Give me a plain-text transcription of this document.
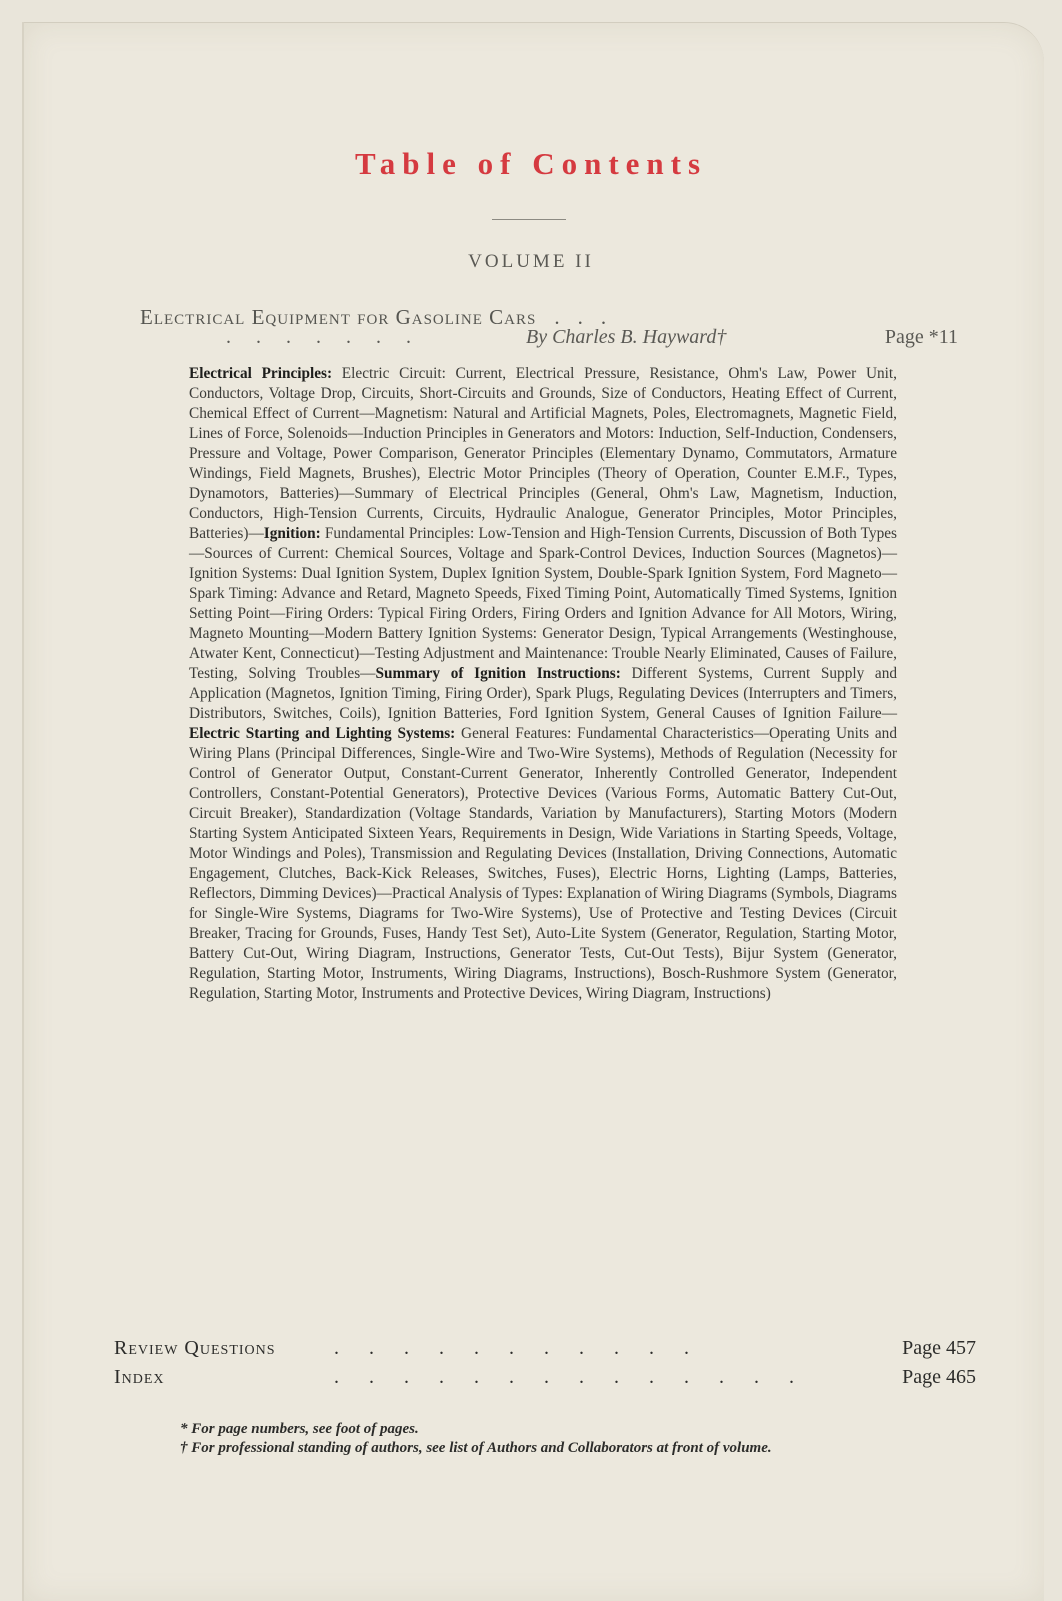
Table of Contents
VOLUME II
Electrical Equipment for Gasoline Cars ...
.......	By Charles B. Hayward†	Page *11
Electrical Principles: Electric Circuit: Current, Electrical Pressure, Resistance, Ohm's Law, Power Unit, Conductors, Voltage Drop, Circuits, Short-Circuits and Grounds, Size of Conductors, Heating Effect of Current, Chemical Effect of Current—Magnetism: Natural and Artificial Magnets, Poles, Electromagnets, Magnetic Field, Lines of Force, Solenoids—Induction Principles in Generators and Motors: Induction, Self-Induction, Condensers, Pressure and Voltage, Power Comparison, Generator Principles (Elementary Dynamo, Commutators, Armature Windings, Field Magnets, Brushes), Electric Motor Principles (Theory of Operation, Counter E.M.F., Types, Dynamotors, Batteries)—Summary of Electrical Principles (General, Ohm's Law, Magnetism, Induction, Conductors, High-Tension Currents, Circuits, Hydraulic Analogue, Generator Principles, Motor Principles, Batteries)—Ignition: Fundamental Principles: Low-Tension and High-Tension Currents, Discussion of Both Types—Sources of Current: Chemical Sources, Voltage and Spark-Control Devices, Induction Sources (Magnetos)—Ignition Systems: Dual Ignition System, Duplex Ignition System, Double-Spark Ignition System, Ford Magneto—Spark Timing: Advance and Retard, Magneto Speeds, Fixed Timing Point, Automatically Timed Systems, Ignition Setting Point—Firing Orders: Typical Firing Orders, Firing Orders and Ignition Advance for All Motors, Wiring, Magneto Mounting—Modern Battery Ignition Systems: Generator Design, Typical Arrangements (Westinghouse, Atwater Kent, Connecticut)—Testing Adjustment and Maintenance: Trouble Nearly Eliminated, Causes of Failure, Testing, Solving Troubles—Summary of Ignition Instructions: Different Systems, Current Supply and Application (Magnetos, Ignition Timing, Firing Order), Spark Plugs, Regulating Devices (Interrupters and Timers, Distributors, Switches, Coils), Ignition Batteries, Ford Ignition System, General Causes of Ignition Failure—Electric Starting and Lighting Systems: General Features: Fundamental Characteristics—Operating Units and Wiring Plans (Principal Differences, Single-Wire and Two-Wire Systems), Methods of Regulation (Necessity for Control of Generator Output, Constant-Current Generator, Inherently Controlled Generator, Independent Controllers, Constant-Potential Generators), Protective Devices (Various Forms, Automatic Battery Cut-Out, Circuit Breaker), Standardization (Voltage Standards, Variation by Manufacturers), Starting Motors (Modern Starting System Anticipated Sixteen Years, Requirements in Design, Wide Variations in Starting Speeds, Voltage, Motor Windings and Poles), Transmission and Regulating Devices (Installation, Driving Connections, Automatic Engagement, Clutches, Back-Kick Releases, Switches, Fuses), Electric Horns, Lighting (Lamps, Batteries, Reflectors, Dimming Devices)—Practical Analysis of Types: Explanation of Wiring Diagrams (Symbols, Diagrams for Single-Wire Systems, Diagrams for Two-Wire Systems), Use of Protective and Testing Devices (Circuit Breaker, Tracing for Grounds, Fuses, Handy Test Set), Auto-Lite System (Generator, Regulation, Starting Motor, Battery Cut-Out, Wiring Diagram, Instructions, Generator Tests, Cut-Out Tests), Bijur System (Generator, Regulation, Starting Motor, Instruments, Wiring Diagrams, Instructions), Bosch-Rushmore System (Generator, Regulation, Starting Motor, Instruments and Protective Devices, Wiring Diagram, Instructions)
Review Questions	...........	Page 457
Index	..............	Page 465
* For page numbers, see foot of pages.
† For professional standing of authors, see list of Authors and Collaborators at front of volume.
